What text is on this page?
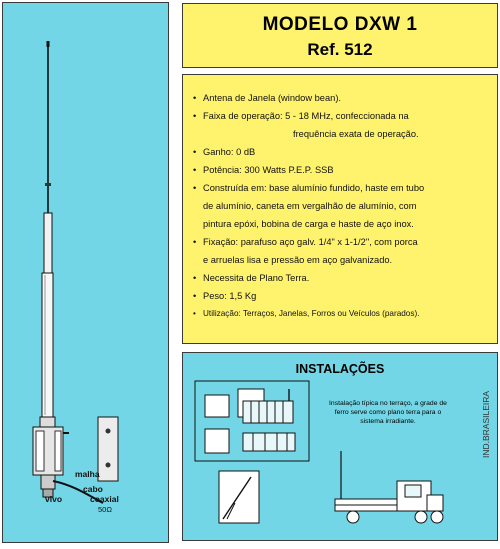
malha
cabo
coaxial
50Ω
vivo
MODELO DXW 1
Ref. 512
• Antena de Janela (window bean).
• Faixa de operação: 5 - 18 MHz, confeccionada na
frequência exata de operação.
• Ganho: 0 dB
• Potência: 300 Watts P.E.P. SSB
• Construída em: base alumínio fundido, haste em tubo
de alumínio, caneta em vergalhão de alumínio, com
pintura epóxi, bobina de carga e haste de aço inox.
• Fixação: parafuso aço galv. 1/4" x 1-1/2", com porca
e arruelas lisa e pressão em aço galvanizado.
• Necessita de Plano Terra.
• Peso: 1,5 Kg
• Utilização: Terraços, Janelas, Forros ou Veículos (parados).
INSTALAÇÕES
Instalação típica no terraço, a grade de ferro serve como plano terra para o sistema irradiante.	IND.BRASILEIRA
